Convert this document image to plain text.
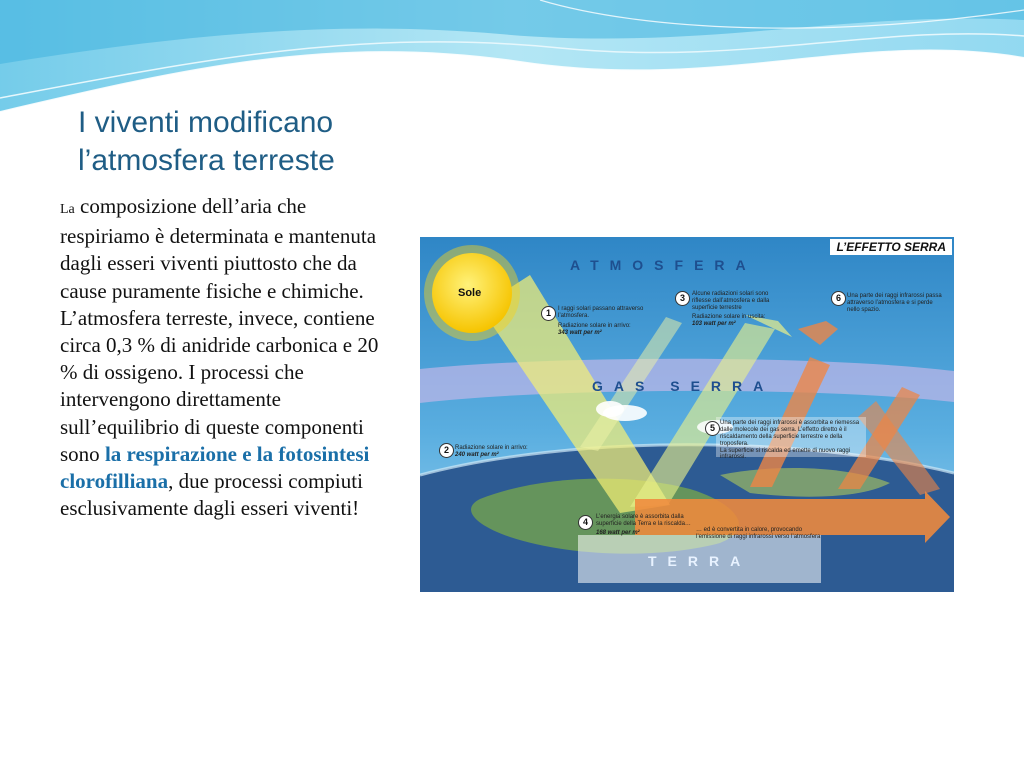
I viventi modificano
l’atmosfera terreste

La composizione dell’aria che respiriamo è determinata e mantenuta dagli esseri viventi piuttosto che da cause puramente fisiche e chimiche. L’atmosfera terreste, invece, contiene circa 0,3 % di anidride carbonica e 20 % di ossigeno. I processi che intervengono direttamente sull’equilibrio di queste componenti sono la respirazione e la fotosintesi clorofilliana, due processi compiuti esclusivamente dagli esseri viventi!

L’EFFETTO SERRA
ATMOSFERA
GAS SERRA
TERRA
Sole
1	I raggi solari passano attraverso l’atmosfera.
Radiazione solare in arrivo:
343 watt per m²
2	Radiazione solare in arrivo:
240 watt per m²
3	Alcune radiazioni solari sono riflesse dall’atmosfera e dalla superficie terrestre
Radiazione solare in uscita:
103 watt per m²
6	Una parte dei raggi infrarossi passa attraverso l’atmosfera e si perde nello spazio.
5 Una parte dei raggi infrarossi è assorbita e riemessa dalle molecole dei gas serra. L’effetto diretto è il riscaldamento della superficie terrestre e della troposfera.
La superficie si riscalda ed emette di nuovo raggi infrarossi.
4	L’energia solare è assorbita dalla superficie della Terra e la riscalda…
168 watt per m²	… ed è convertita in calore, provocando l’emissione di raggi infrarossi verso l’atmosfera
